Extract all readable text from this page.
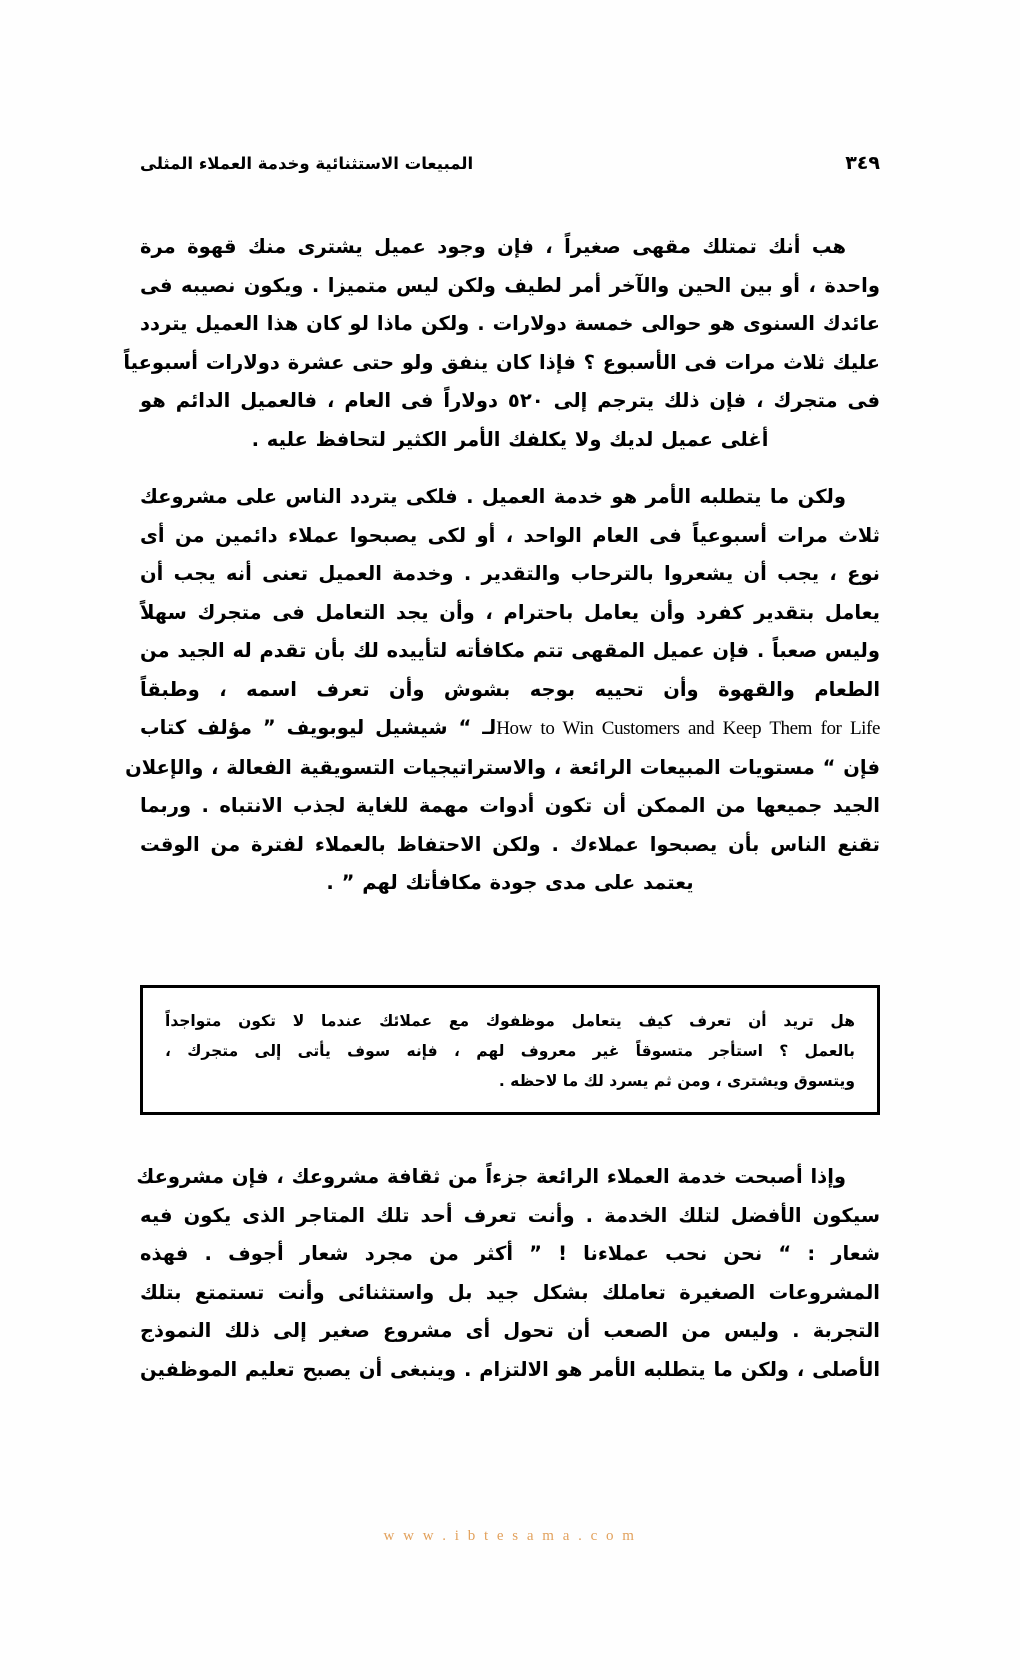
٣٤٩
المبيعات الاستثنائية وخدمة العملاء المثلى

هب أنك تمتلك مقهى صغيراً ، فإن وجود عميل يشترى منك قهوة مرة
واحدة ، أو بين الحين والآخر أمر لطيف ولكن ليس متميزا . ويكون نصيبه فى
عائدك السنوى هو حوالى خمسة دولارات . ولكن ماذا لو كان هذا العميل يتردد
عليك ثلاث مرات فى الأسبوع ؟ فإذا كان ينفق ولو حتى عشرة دولارات أسبوعياً
فى متجرك ، فإن ذلك يترجم إلى ٥٢٠ دولاراً فى العام ، فالعميل الدائم هو
أغلى عميل لديك ولا يكلفك الأمر الكثير لتحافظ عليه .

ولكن ما يتطلبه الأمر هو خدمة العميل . فلكى يتردد الناس على مشروعك
ثلاث مرات أسبوعياً فى العام الواحد ، أو لكى يصبحوا عملاء دائمين من أى
نوع ، يجب أن يشعروا بالترحاب والتقدير . وخدمة العميل تعنى أنه يجب أن
يعامل بتقدير كفرد وأن يعامل باحترام ، وأن يجد التعامل فى متجرك سهلاً
وليس صعباً . فإن عميل المقهى تتم مكافأته لتأييده لك بأن تقدم له الجيد من
الطعام والقهوة وأن تحييه بوجه بشوش وأن تعرف اسمه ، وطبقاً
How to Win Customers and Keep Them for Lifeلـ “ شيشيل ليوبويف ” مؤلف كتاب
فإن “ مستويات المبيعات الرائعة ، والاستراتيجيات التسويقية الفعالة ، والإعلان
الجيد جميعها من الممكن أن تكون أدوات مهمة للغاية لجذب الانتباه . وربما
تقنع الناس بأن يصبحوا عملاءك . ولكن الاحتفاظ بالعملاء لفترة من الوقت
يعتمد على مدى جودة مكافأتك لهم ” .

هل تريد أن تعرف كيف يتعامل موظفوك مع عملائك عندما لا تكون متواجداً
بالعمل ؟ استأجر متسوقاً غير معروف لهم ، فإنه سوف يأتى إلى متجرك ،
ويتسوق ويشترى ، ومن ثم يسرد لك ما لاحظه .

وإذا أصبحت خدمة العملاء الرائعة جزءاً من ثقافة مشروعك ، فإن مشروعك
سيكون الأفضل لتلك الخدمة . وأنت تعرف أحد تلك المتاجر الذى يكون فيه
شعار : “ نحن نحب عملاءنا ! ” أكثر من مجرد شعار أجوف . فهذه
المشروعات الصغيرة تعاملك بشكل جيد بل واستثنائى وأنت تستمتع بتلك
التجربة . وليس من الصعب أن تحول أى مشروع صغير إلى ذلك النموذج
الأصلى ، ولكن ما يتطلبه الأمر هو الالتزام . وينبغى أن يصبح تعليم الموظفين

w w w . i b t e s a m a . c o m
